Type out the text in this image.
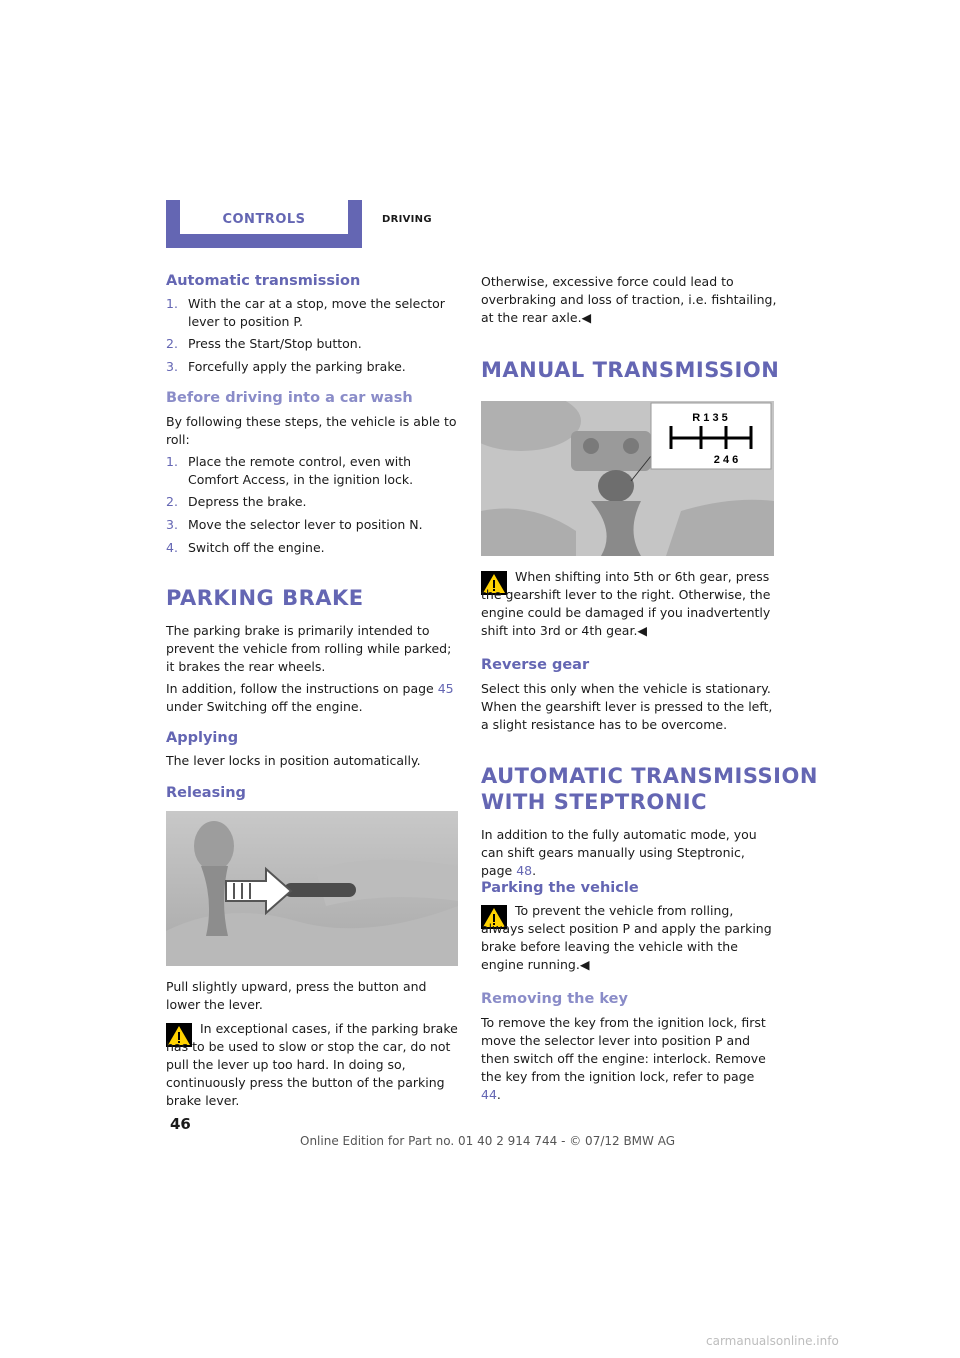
CONTROLS	DRIVING
Automatic transmission
1. With the car at a stop, move the selector lever to position P.
2. Press the Start/Stop button.
3. Forcefully apply the parking brake.
Before driving into a car wash
By following these steps, the vehicle is able to roll:
1. Place the remote control, even with Comfort Access, in the ignition lock.
2. Depress the brake.
3. Move the selector lever to position N.
4. Switch off the engine.
PARKING BRAKE
The parking brake is primarily intended to prevent the vehicle from rolling while parked; it brakes the rear wheels.
In addition, follow the instructions on page 45 under Switching off the engine.
Applying
The lever locks in position automatically.
Releasing
Pull slightly upward, press the button and lower the lever.
In exceptional cases, if the parking brake has to be used to slow or stop the car, do not pull the lever up too hard. In doing so, continuously press the button of the parking brake lever.
Otherwise, excessive force could lead to overbraking and loss of traction, i.e. fishtailing, at the rear axle.◀
MANUAL TRANSMISSION
R 1 3 5
2 4 6
When shifting into 5th or 6th gear, press the gearshift lever to the right. Otherwise, the engine could be damaged if you inadvertently shift into 3rd or 4th gear.◀
Reverse gear
Select this only when the vehicle is stationary. When the gearshift lever is pressed to the left, a slight resistance has to be overcome.
AUTOMATIC TRANSMISSION
WITH STEPTRONIC
In addition to the fully automatic mode, you can shift gears manually using Steptronic, page 48.
Parking the vehicle
To prevent the vehicle from rolling, always select position P and apply the parking brake before leaving the vehicle with the engine running.◀
Removing the key
To remove the key from the ignition lock, first move the selector lever into position P and then switch off the engine: interlock. Remove the key from the ignition lock, refer to page 44.
46
Online Edition for Part no. 01 40 2 914 744 - © 07/12 BMW AG
carmanualsonline.info
